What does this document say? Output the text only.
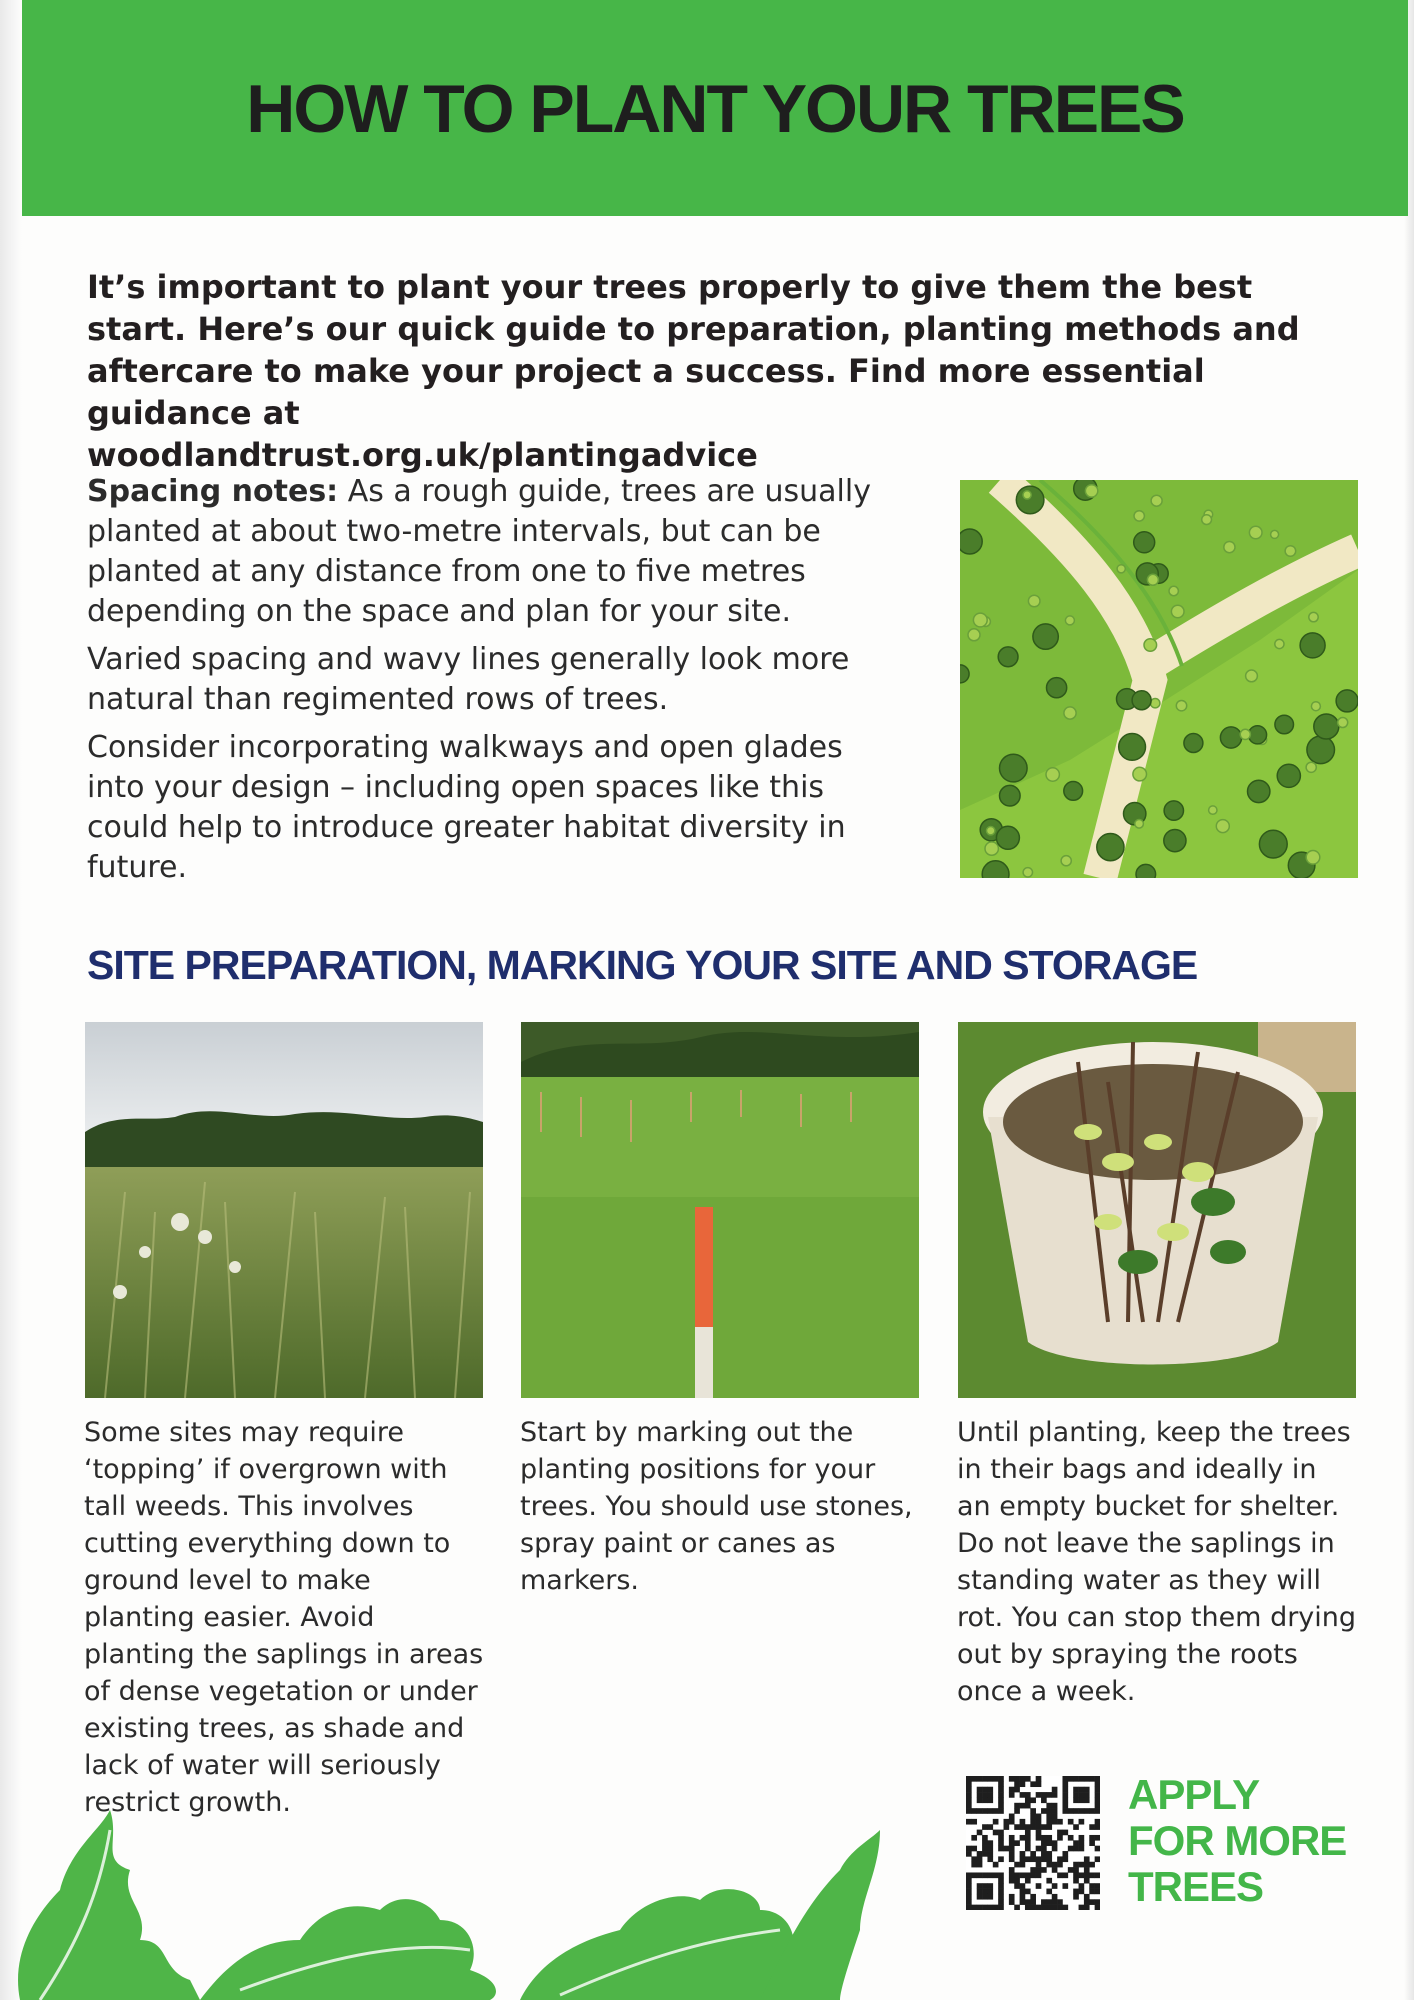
HOW TO PLANT YOUR TREES

It’s important to plant your trees properly to give them the best start. Here’s our quick guide to preparation, planting methods and aftercare to make your project a success. Find more essential guidance at
woodlandtrust.org.uk/plantingadvice

Spacing notes: As a rough guide, trees are usually planted at about two-metre intervals, but can be planted at any distance from one to five metres depending on the space and plan for your site.

Varied spacing and wavy lines generally look more natural than regimented rows of trees.

Consider incorporating walkways and open glades into your design – including open spaces like this could help to introduce greater habitat diversity in future.

SITE PREPARATION, MARKING YOUR SITE AND STORAGE

Some sites may require ‘topping’ if overgrown with tall weeds. This involves cutting everything down to ground level to make planting easier. Avoid planting the saplings in areas of dense vegetation or under existing trees, as shade and lack of water will seriously restrict growth.

Start by marking out the planting positions for your trees. You should use stones, spray paint or canes as markers.

Until planting, keep the trees in their bags and ideally in an empty bucket for shelter. Do not leave the saplings in standing water as they will rot. You can stop them drying out by spraying the roots once a week.

APPLY
FOR MORE
TREES
